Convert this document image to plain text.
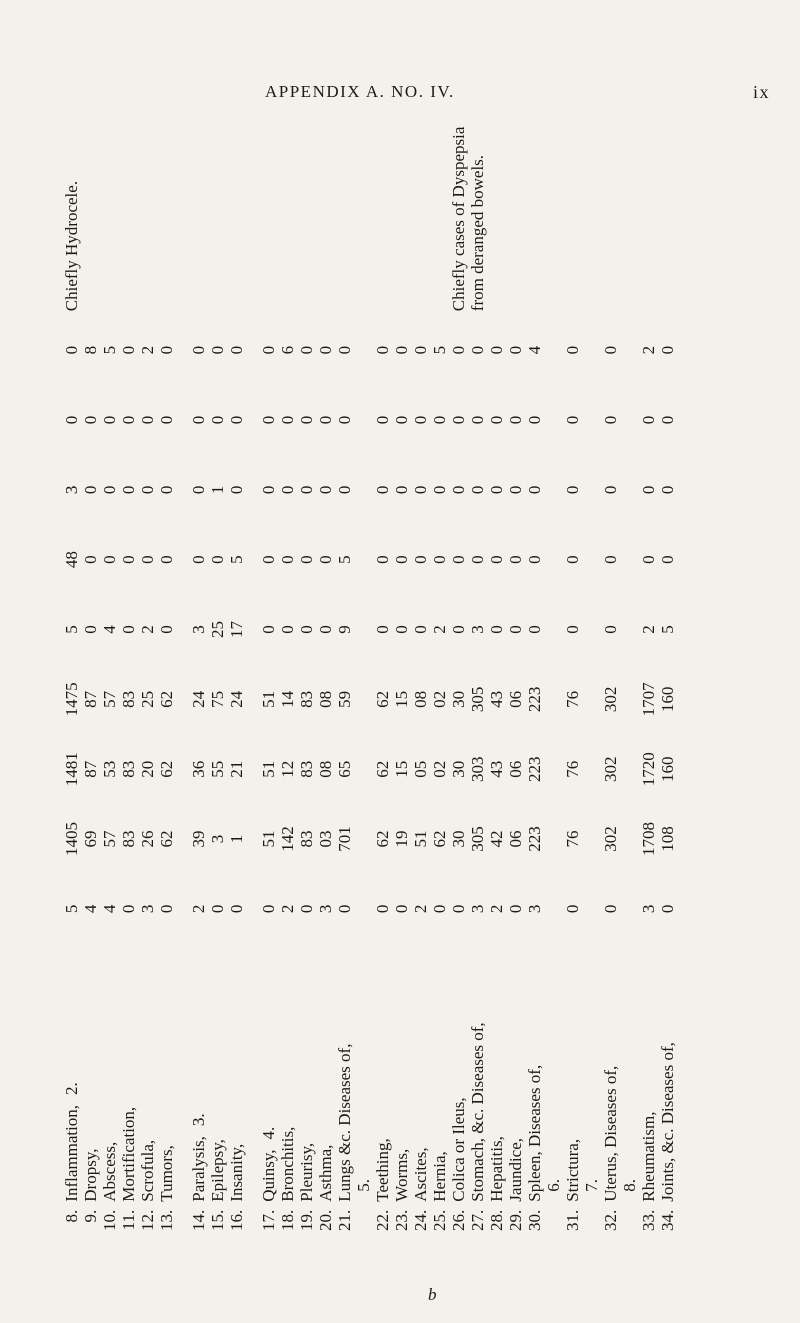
APPENDIX A. NO. IV.	ix
8.	Inflammation,2.	5	1405	1481	1475	5	48	3	0	0	Chiefly Hydrocele.
9.	Dropsy,	4	69	87	87	0	0	0	0	8	
10.	Abscess,	4	57	53	57	4	0	0	0	5	
11.	Mortification,	0	83	83	83	0	0	0	0	0	
12.	Scrofula,	3	26	20	25	2	0	0	0	2	
13.	Tumors,	0	62	62	62	0	0	0	0	0	

14.	Paralysis,3.	2	39	36	24	3	0	0	0	0	
15.	Epilepsy,	0	3	55	75	25	0	1	0	0	
16.	Insanity,	0	1	21	24	17	5	0	0	0	

17.	Quinsy,4.	0	51	51	51	0	0	0	0	0	
18.	Bronchitis,	2	142	12	14	0	0	0	0	6	
19.	Pleurisy,	0	83	83	83	0	0	0	0	0	
20.	Asthma,	3	03	08	08	0	0	0	0	0	
21.	Lungs &c. Diseases of,	0	701	65	59	9	5	0	0	0	
	5.										
22.	Teething,	0	62	62	62	0	0	0	0	0	
23.	Worms,	0	19	15	15	0	0	0	0	0	
24.	Ascites,	2	51	05	08	0	0	0	0	0	
25.	Hernia,	0	62	02	02	2	0	0	0	5	
26.	Colica or Ileus,	0	30	30	30	0	0	0	0	0	Chiefly cases of Dyspepsia
27.	Stomach, &c. Diseases of,	3	305	303	305	3	0	0	0	0	from deranged bowels.
28.	Hepatitis,	2	42	43	43	0	0	0	0	0	
29.	Jaundice,	0	06	06	06	0	0	0	0	0	
30.	Spleen, Diseases of,	3	223	223	223	0	0	0	0	4	
	6.										
31.	Strictura,	0	76	76	76	0	0	0	0	0	
	7.										
32.	Uterus, Diseases of,	0	302	302	302	0	0	0	0	0	
	8.										
33.	Rheumatism,	3	1708	1720	1707	2	0	0	0	2	
34.	Joints, &c. Diseases of,	0	108	160	160	5	0	0	0	0	
b
